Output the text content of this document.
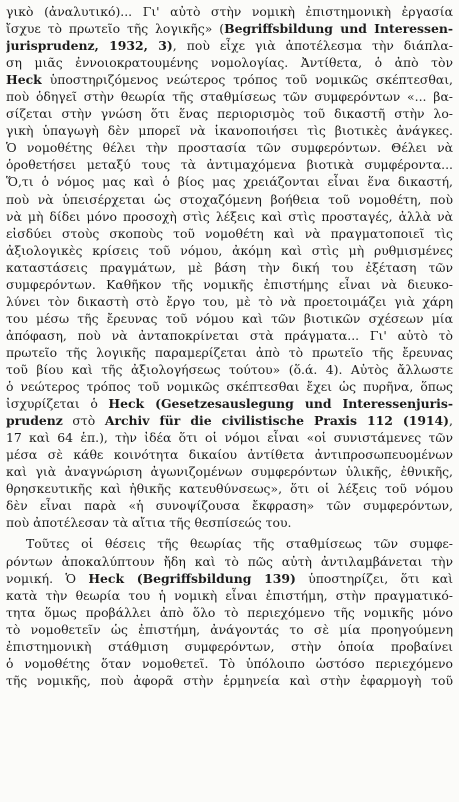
γικὸ (ἀναλυτικό)... Γι' αὐτὸ στὴν νομικὴ ἐπιστημονικὴ ἐργασία
ἴσχυε τὸ πρωτεῖο τῆς λογικῆς» (Begriffsbildung und Interessen-
jurisprudenz, 1932, 3), ποὺ εἶχε γιὰ ἀποτέλεσμα τὴν διάπλα-
ση μιᾶς ἐννοιοκρατουμένης νομολογίας. Ἀντίθετα, ὁ ἀπὸ τὸν
Heck ὑποστηριζόμενος νεώτερος τρόπος τοῦ νομικῶς σκέπτεσθαι,
ποὺ ὁδηγεῖ στὴν θεωρία τῆς σταθμίσεως τῶν συμφερόντων «... βα-
σίζεται στὴν γνώση ὅτι ἕνας περιορισμὸς τοῦ δικαστῆ στὴν λο-
γικὴ ὑπαγωγὴ δὲν μπορεῖ νὰ ἱκανοποιήσει τὶς βιοτικὲς ἀνάγκες.
Ὁ νομοθέτης θέλει τὴν προστασία τῶν συμφερόντων. Θέλει νὰ
ὁροθετήσει μεταξύ τους τὰ ἀντιμαχόμενα βιοτικὰ συμφέροντα...
Ὅ,τι ὁ νόμος μας καὶ ὁ βίος μας χρειάζονται εἶναι ἕνα δικαστή,
ποὺ νὰ ὑπεισέρχεται ὡς στοχαζόμενη βοήθεια τοῦ νομοθέτη, ποὺ
νὰ μὴ δίδει μόνο προσοχὴ στὶς λέξεις καὶ στὶς προσταγές, ἀλλὰ νὰ
εἰσδύει στοὺς σκοποὺς τοῦ νομοθέτη καὶ νὰ πραγματοποιεῖ τὶς
ἀξιολογικὲς κρίσεις τοῦ νόμου, ἀκόμη καὶ στὶς μὴ ρυθμισμένες
καταστάσεις πραγμάτων, μὲ βάση τὴν δική του ἐξέταση τῶν
συμφερόντων. Καθῆκον τῆς νομικῆς ἐπιστήμης εἶναι νὰ διευκο-
λύνει τὸν δικαστὴ στὸ ἔργο του, μὲ τὸ νὰ προετοιμάζει γιὰ χάρη
του μέσω τῆς ἔρευνας τοῦ νόμου καὶ τῶν βιοτικῶν σχέσεων μία
ἀπόφαση, ποὺ νὰ ἀνταποκρίνεται στὰ πράγματα... Γι' αὐτὸ τὸ
πρωτεῖο τῆς λογικῆς παραμερίζεται ἀπὸ τὸ πρωτεῖο τῆς ἔρευνας
τοῦ βίου καὶ τῆς ἀξιολογήσεως τούτου» (ὅ.ά. 4). Αὐτὸς ἄλλωστε
ὁ νεώτερος τρόπος τοῦ νομικῶς σκέπτεσθαι ἔχει ὡς πυρῆνα, ὅπως
ἰσχυρίζεται ὁ Heck (Gesetzesauslegung und Interessenjuris-
prudenz στὸ Archiv für die civilistische Praxis 112 (1914),
17 καὶ 64 ἑπ.), τὴν ἰδέα ὅτι οἱ νόμοι εἶναι «οἱ συνιστάμενες τῶν
μέσα σὲ κάθε κοινότητα δικαίου ἀντίθετα ἀντιπροσωπευομένων
καὶ γιὰ ἀναγνώριση ἀγωνιζομένων συμφερόντων ὑλικῆς, ἐθνικῆς,
θρησκευτικῆς καὶ ἠθικῆς κατευθύνσεως», ὅτι οἱ λέξεις τοῦ νόμου
δὲν εἶναι παρὰ «ἡ συνοψίζουσα ἔκφραση» τῶν συμφερόντων,
ποὺ ἀποτέλεσαν τὰ αἴτια τῆς θεσπίσεώς του.
Τοῦτες οἱ θέσεις τῆς θεωρίας τῆς σταθμίσεως τῶν συμφε-
ρόντων ἀποκαλύπτουν ἤδη καὶ τὸ πῶς αὐτὴ ἀντιλαμβάνεται τὴν
νομική. Ὁ Heck (Begriffsbildung 139) ὑποστηρίζει, ὅτι καὶ
κατὰ τὴν θεωρία του ἡ νομικὴ εἶναι ἐπιστήμη, στὴν πραγματικό-
τητα ὅμως προβάλλει ἀπὸ ὅλο τὸ περιεχόμενο τῆς νομικῆς μόνο
τὸ νομοθετεῖν ὡς ἐπιστήμη, ἀνάγοντάς το σὲ μία προηγούμενη
ἐπιστημονικὴ στάθμιση συμφερόντων, στὴν ὁποία προβαίνει
ὁ νομοθέτης ὅταν νομοθετεῖ. Τὸ ὑπόλοιπο ὡστόσο περιεχόμενο
τῆς νομικῆς, ποὺ ἀφορᾶ στὴν ἑρμηνεία καὶ στὴν ἐφαρμογὴ τοῦ
